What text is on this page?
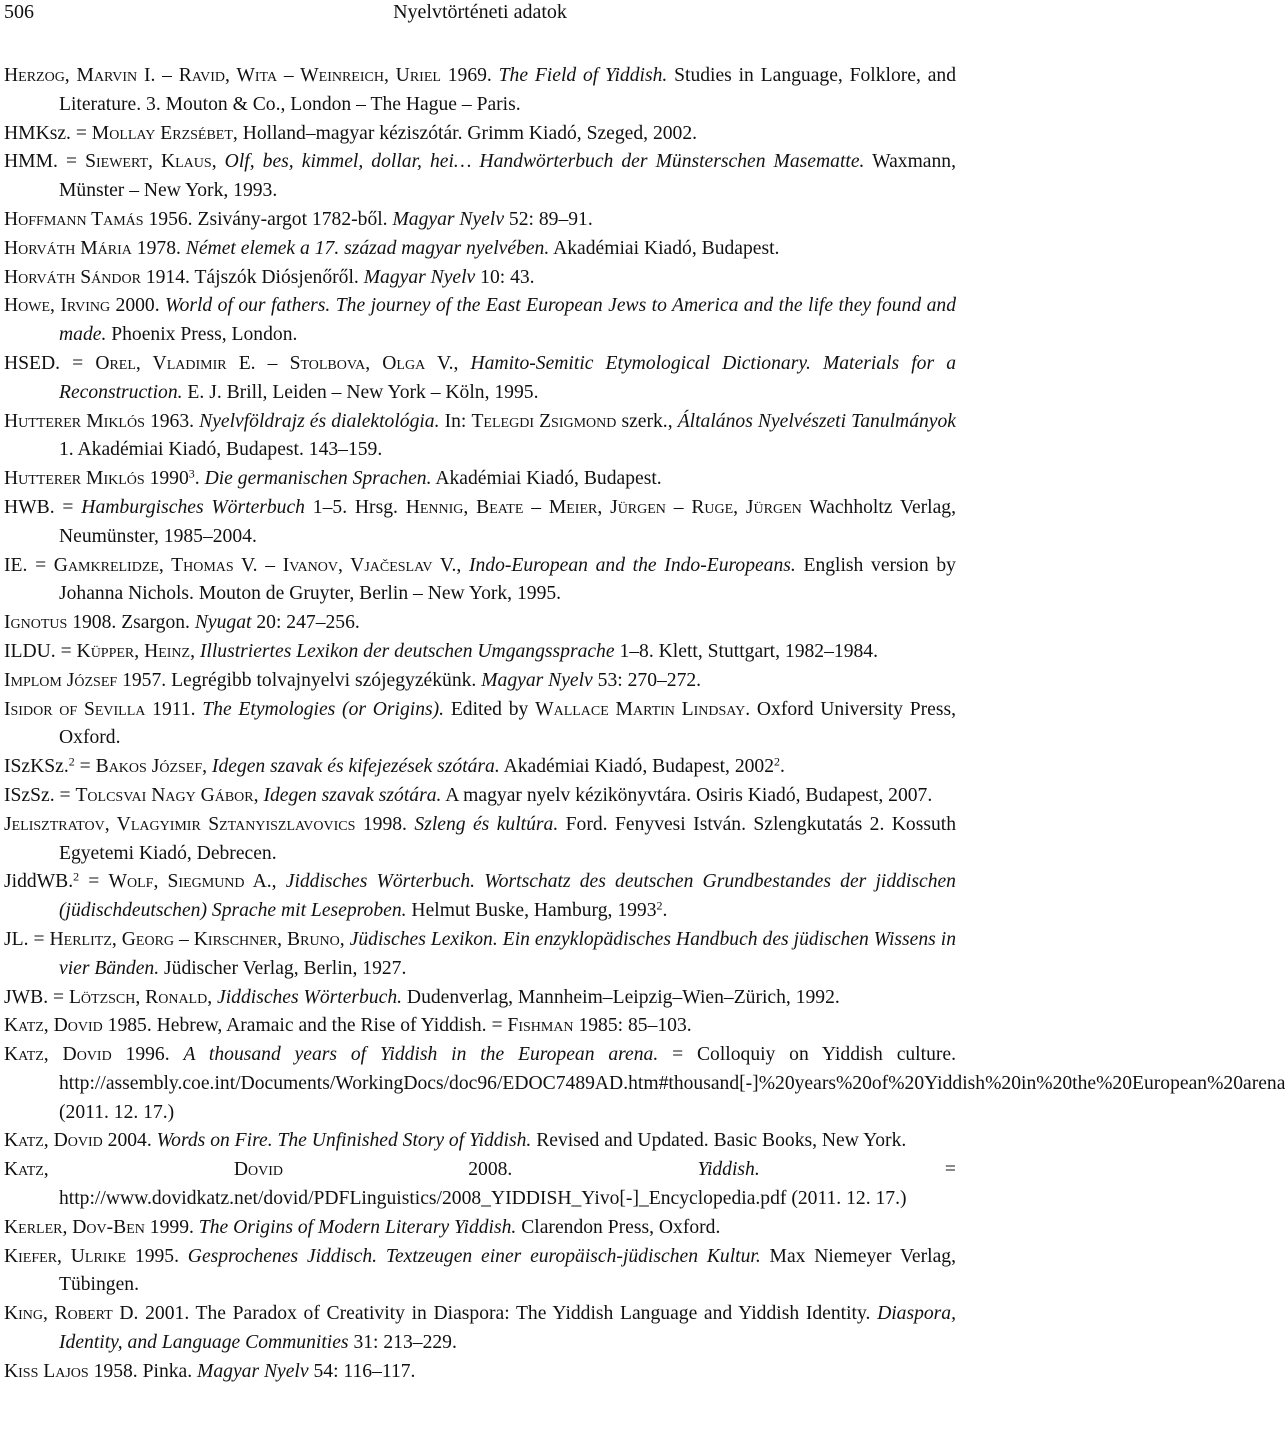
506	Nyelvtörténeti adatok

Herzog, Marvin I. – Ravid, Wita – Weinreich, Uriel 1969. The Field of Yiddish. Studies in Language, Folklore, and Literature. 3. Mouton & Co., London – The Hague – Paris.

HMKsz. = Mollay Erzsébet, Holland–magyar kéziszótár. Grimm Kiadó, Szeged, 2002.

HMM. = Siewert, Klaus, Olf, bes, kimmel, dollar, hei… Handwörterbuch der Münsterschen Masematte. Waxmann, Münster – New York, 1993.

Hoffmann Tamás 1956. Zsivány-argot 1782-ből. Magyar Nyelv 52: 89–91.

Horváth Mária 1978. Német elemek a 17. század magyar nyelvében. Akadémiai Kiadó, Budapest.

Horváth Sándor 1914. Tájszók Diósjenőről. Magyar Nyelv 10: 43.

Howe, Irving 2000. World of our fathers. The journey of the East European Jews to America and the life they found and made. Phoenix Press, London.

HSED. = Orel, Vladimir E. – Stolbova, Olga V., Hamito-Semitic Etymological Dictionary. Materials for a Reconstruction. E. J. Brill, Leiden – New York – Köln, 1995.

Hutterer Miklós 1963. Nyelvföldrajz és dialektológia. In: Telegdi Zsigmond szerk., Általános Nyelvészeti Tanulmányok 1. Akadémiai Kiadó, Budapest. 143–159.

Hutterer Miklós 1990$^3$. Die germanischen Sprachen. Akadémiai Kiadó, Budapest.

HWB. = Hamburgisches Wörterbuch 1–5. Hrsg. Hennig, Beate – Meier, Jürgen – Ruge, Jürgen Wachholtz Verlag, Neumünster, 1985–2004.

IE. = Gamkrelidze, Thomas V. – Ivanov, Vjačeslav V., Indo-European and the Indo-Europeans. English version by Johanna Nichols. Mouton de Gruyter, Berlin – New York, 1995.

Ignotus 1908. Zsargon. Nyugat 20: 247–256.

ILDU. = Küpper, Heinz, Illustriertes Lexikon der deutschen Umgangssprache 1–8. Klett, Stuttgart, 1982–1984.

Implom József 1957. Legrégibb tolvajnyelvi szójegyzékünk. Magyar Nyelv 53: 270–272.

Isidor of Sevilla 1911. The Etymologies (or Origins). Edited by Wallace Martin Lindsay. Oxford University Press, Oxford.

ISzKSz.$^2$ = Bakos József, Idegen szavak és kifejezések szótára. Akadémiai Kiadó, Budapest, 2002$^2$.

ISzSz. = Tolcsvai Nagy Gábor, Idegen szavak szótára. A magyar nyelv kézikönyvtára. Osiris Kiadó, Budapest, 2007.

Jelisztratov, Vlagyimir Sztanyiszlavovics 1998. Szleng és kultúra. Ford. Fenyvesi István. Szlengkutatás 2. Kossuth Egyetemi Kiadó, Debrecen.

JiddWB.$^2$ = Wolf, Siegmund A., Jiddisches Wörterbuch. Wortschatz des deutschen Grundbestandes der jiddischen (jüdischdeutschen) Sprache mit Leseproben. Helmut Buske, Hamburg, 1993$^2$.

JL. = Herlitz, Georg – Kirschner, Bruno, Jüdisches Lexikon. Ein enzyklopädisches Handbuch des jüdischen Wissens in vier Bänden. Jüdischer Verlag, Berlin, 1927.

JWB. = Lötzsch, Ronald, Jiddisches Wörterbuch. Dudenverlag, Mannheim–Leipzig–Wien–Zürich, 1992.

Katz, Dovid 1985. Hebrew, Aramaic and the Rise of Yiddish. = Fishman 1985: 85–103.

Katz, Dovid 1996. A thousand years of Yiddish in the European arena. = Colloquiy on Yiddish culture. http://assembly.coe.int/Documents/WorkingDocs/doc96/EDOC7489AD.htm#thousand[-]%20years%20of%20Yiddish%20in%20the%20European%20arena (2011. 12. 17.)

Katz, Dovid 2004. Words on Fire. The Unfinished Story of Yiddish. Revised and Updated. Basic Books, New York.

Katz, Dovid 2008. Yiddish. = http://www.dovidkatz.net/dovid/PDFLinguistics/2008_YIDDISH_Yivo[-]_Encyclopedia.pdf (2011. 12. 17.)

Kerler, Dov-Ben 1999. The Origins of Modern Literary Yiddish. Clarendon Press, Oxford.

Kiefer, Ulrike 1995. Gesprochenes Jiddisch. Textzeugen einer europäisch-jüdischen Kultur. Max Niemeyer Verlag, Tübingen.

King, Robert D. 2001. The Paradox of Creativity in Diaspora: The Yiddish Language and Yiddish Identity. Diaspora, Identity, and Language Communities 31: 213–229.

Kiss Lajos 1958. Pinka. Magyar Nyelv 54: 116–117.
